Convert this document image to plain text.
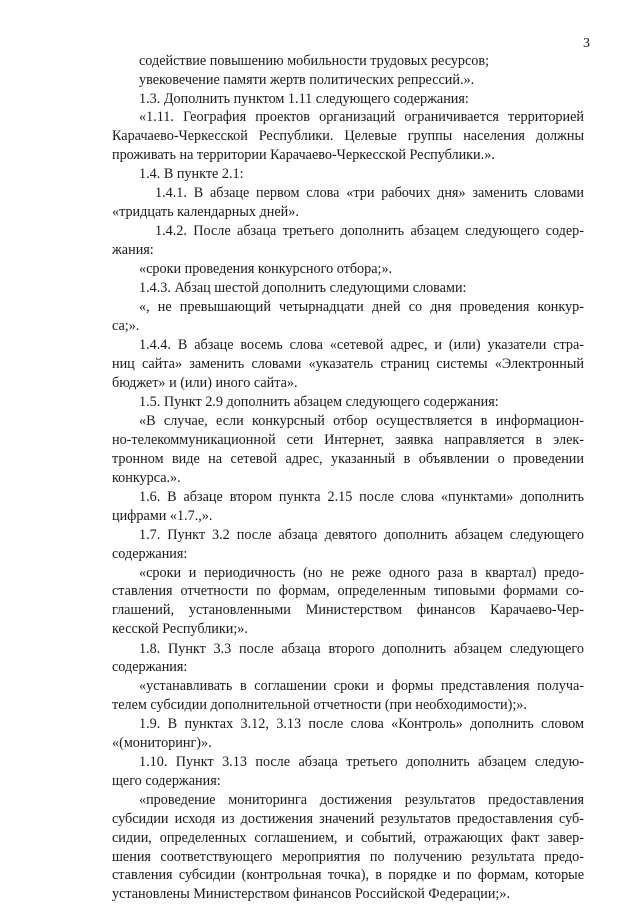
3
содействие повышению мобильности трудовых ресурсов;
увековечение памяти жертв политических репрессий.».
1.3. Дополнить пунктом 1.11 следующего содержания:
«1.11. География проектов организаций ограничивается территорией
Карачаево-Черкесской Республики. Целевые группы населения должны
проживать на территории Карачаево-Черкесской Республики.».
1.4. В пункте 2.1:
1.4.1. В абзаце первом слова «три рабочих дня» заменить словами
«тридцать календарных дней».
1.4.2. После абзаца третьего дополнить абзацем следующего содер-
жания:
«сроки проведения конкурсного отбора;».
1.4.3. Абзац шестой дополнить следующими словами:
«, не превышающий четырнадцати дней со дня проведения конкур-
са;».
1.4.4. В абзаце восемь слова «сетевой адрес, и (или) указатели стра-
ниц сайта» заменить словами «указатель страниц системы «Электронный
бюджет» и (или) иного сайта».
1.5. Пункт 2.9 дополнить абзацем следующего содержания:
«В случае, если конкурсный отбор осуществляется в информацион-
но-телекоммуникационной сети Интернет, заявка направляется в элек-
тронном виде на сетевой адрес, указанный в объявлении о проведении
конкурса.».
1.6. В абзаце втором пункта 2.15 после слова «пунктами» дополнить
цифрами «1.7.,».
1.7. Пункт 3.2 после абзаца девятого дополнить абзацем следующего
содержания:
«сроки и периодичность (но не реже одного раза в квартал) предо-
ставления отчетности по формам, определенным типовыми формами со-
глашений, установленными Министерством финансов Карачаево-Чер-
кесской Республики;».
1.8. Пункт 3.3 после абзаца второго дополнить абзацем следующего
содержания:
«устанавливать в соглашении сроки и формы представления получа-
телем субсидии дополнительной отчетности (при необходимости);».
1.9. В пунктах 3.12, 3.13 после слова «Контроль» дополнить словом
«(мониторинг)».
1.10. Пункт 3.13 после абзаца третьего дополнить абзацем следую-
щего содержания:
«проведение мониторинга достижения результатов предоставления
субсидии исходя из достижения значений результатов предоставления суб-
сидии, определенных соглашением, и событий, отражающих факт завер-
шения соответствующего мероприятия по получению результата предо-
ставления субсидии (контрольная точка), в порядке и по формам, которые
установлены Министерством финансов Российской Федерации;».
